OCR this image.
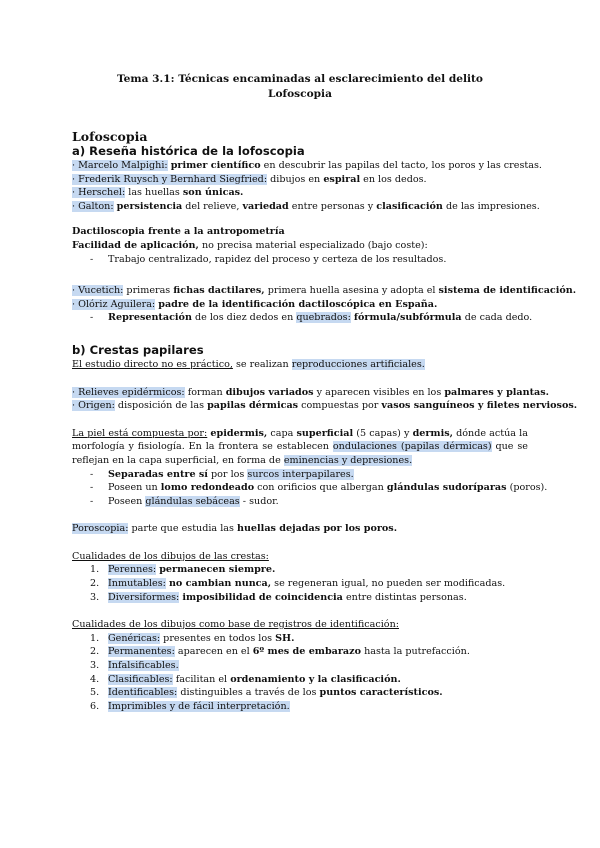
Tema 3.1: Técnicas encaminadas al esclarecimiento del delito
Lofoscopia
Lofoscopia
a) Reseña histórica de la lofoscopia
· Marcelo Malpighi: primer científico en descubrir las papilas del tacto, los poros y las crestas.
· Frederik Ruysch y Bernhard Siegfried: dibujos en espiral en los dedos.
· Herschel: las huellas son únicas.
· Galton: persistencia del relieve, variedad entre personas y clasificación de las impresiones.
Dactiloscopia frente a la antropometría
Facilidad de aplicación, no precisa material especializado (bajo coste):
- Trabajo centralizado, rapidez del proceso y certeza de los resultados.
· Vucetich: primeras fichas dactilares, primera huella asesina y adopta el sistema de identificación.
· Olóriz Aguilera: padre de la identificación dactiloscópica en España.
- Representación de los diez dedos en quebrados: fórmula/subfórmula de cada dedo.
b) Crestas papilares
El estudio directo no es práctico, se realizan reproducciones artificiales.
· Relieves epidérmicos: forman dibujos variados y aparecen visibles en los palmares y plantas.
· Origen: disposición de las papilas dérmicas compuestas por vasos sanguíneos y filetes nerviosos.
La piel está compuesta por: epidermis, capa superficial (5 capas) y dermis, dónde actúa la morfología y fisiología. En la frontera se establecen ondulaciones (papilas dérmicas) que se reflejan en la capa superficial, en forma de eminencias y depresiones.
- Separadas entre sí por los surcos interpapilares.
- Poseen un lomo redondeado con orificios que albergan glándulas sudoríparas (poros).
- Poseen glándulas sebáceas - sudor.
Poroscopia: parte que estudia las huellas dejadas por los poros.
Cualidades de los dibujos de las crestas:
1. Perennes: permanecen siempre.
2. Inmutables: no cambian nunca, se regeneran igual, no pueden ser modificadas.
3. Diversiformes: imposibilidad de coincidencia entre distintas personas.
Cualidades de los dibujos como base de registros de identificación:
1. Genéricas: presentes en todos los SH.
2. Permanentes: aparecen en el 6º mes de embarazo hasta la putrefacción.
3. Infalsificables.
4. Clasificables: facilitan el ordenamiento y la clasificación.
5. Identificables: distinguibles a través de los puntos característicos.
6. Imprimibles y de fácil interpretación.
